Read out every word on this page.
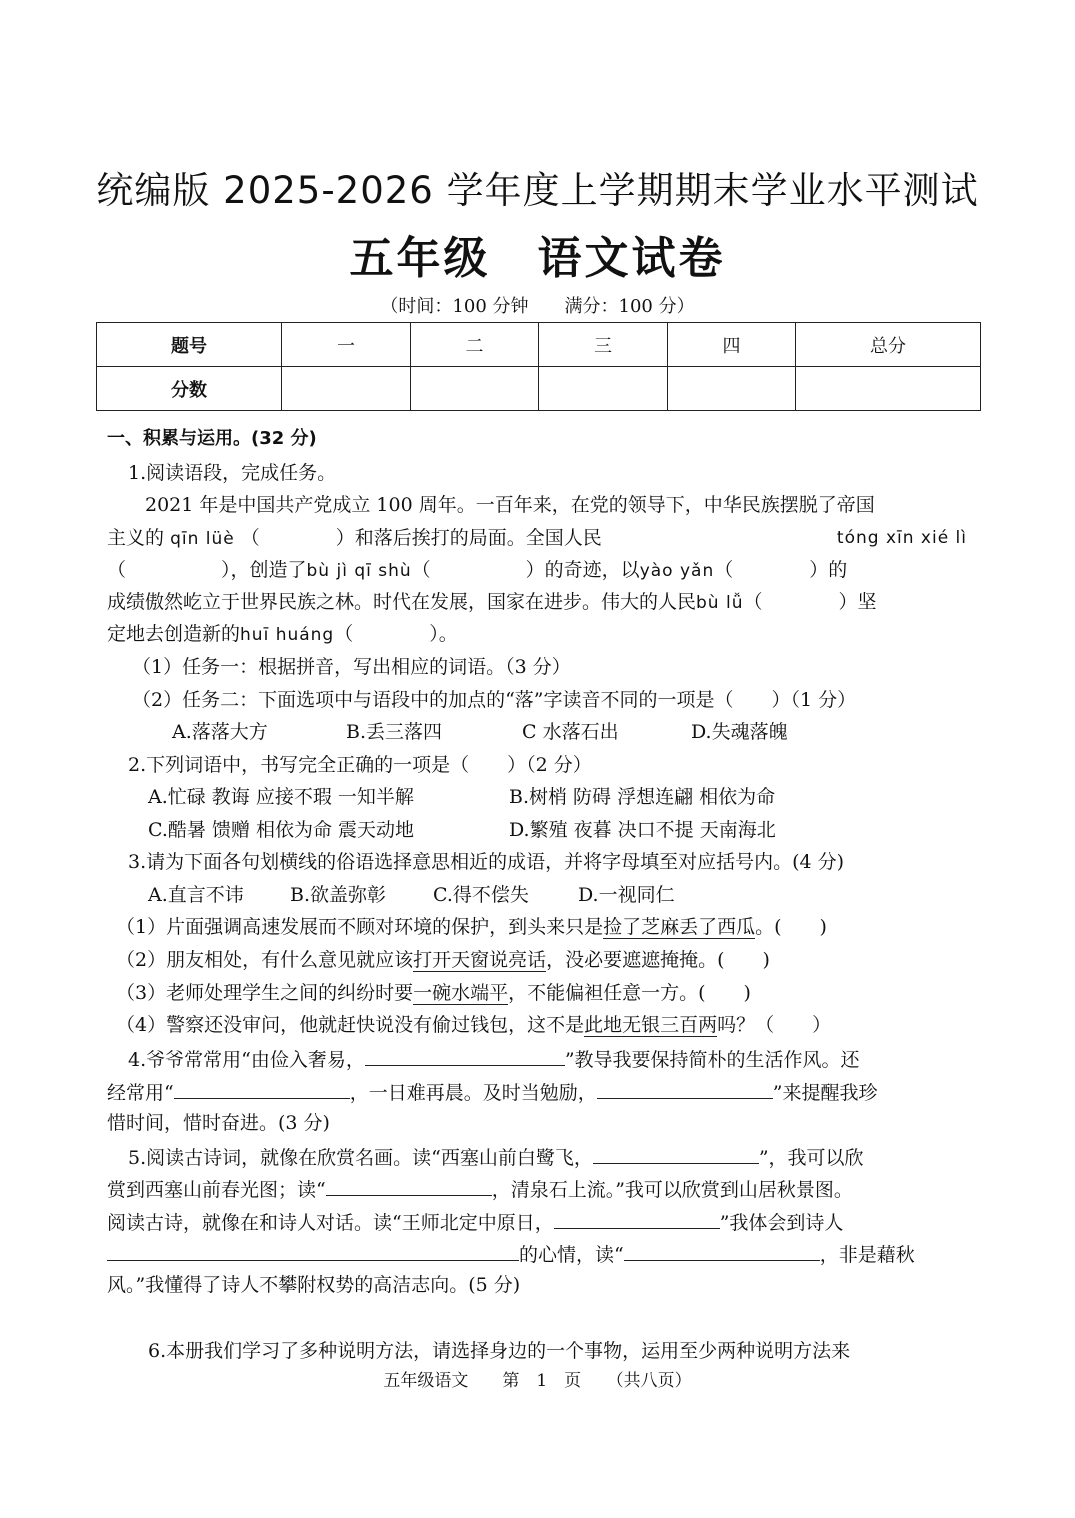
统编版 2025-2026 学年度上学期期末学业水平测试
五年级　语文试卷
（时间：100 分钟　　满分：100 分）
题号	一	二	三	四	总分
分数					
一、积累与运用。(32 分)
1.阅读语段，完成任务。
2021 年是中国共产党成立 100 周年。一百年来，在党的领导下，中华民族摆脱了帝国
主义的 qīn lüè （　　　　）和落后挨打的局面。全国人民	tóng xīn xié lì
（　　　　　），创造了bù jì qī shù（　　　　　）的奇迹，以yào yǎn（　　　　）的
成绩傲然屹立于世界民族之林。时代在发展，国家在进步。伟大的人民bù lǚ（　　　　）坚
定地去创造新的huī huáng（　　　　）。
（1）任务一：根据拼音，写出相应的词语。（3 分）
（2）任务二：下面选项中与语段中的加点的“落”字读音不同的一项是（　　）（1 分）
A.落落大方	B.丢三落四	C 水落石出	D.失魂落魄
2.下列词语中，书写完全正确的一项是（　　）（2 分）
A.忙碌 教诲 应接不瑕 一知半解	B.树梢 防碍 浮想连翩 相依为命
C.酷暑 馈赠 相依为命 震天动地	D.繁殖 夜暮 决口不提 天南海北
3.请为下面各句划横线的俗语选择意思相近的成语，并将字母填至对应括号内。(4 分)
A.直言不讳 B.欲盖弥彰 C.得不偿失	D.一视同仁
（1）片面强调高速发展而不顾对环境的保护，到头来只是捡了芝麻丢了西瓜。(　　)
（2）朋友相处，有什么意见就应该打开天窗说亮话，没必要遮遮掩掩。(　　)
（3）老师处理学生之间的纠纷时要一碗水端平，不能偏袒任意一方。(　　)
（4）警察还没审问，他就赶快说没有偷过钱包，这不是此地无银三百两吗？（　　）
4.爷爷常常用“由俭入奢易，	”教导我要保持简朴的生活作风。还
经常用“	，一日难再晨。及时当勉励，	”来提醒我珍
惜时间，惜时奋进。(3 分)
5.阅读古诗词，就像在欣赏名画。读“西塞山前白鹭飞，	”，我可以欣
赏到西塞山前春光图；读“	，清泉石上流。”我可以欣赏到山居秋景图。
阅读古诗，就像在和诗人对话。读“王师北定中原日，	”我体会到诗人
的心情，读“	，非是藉秋
风。”我懂得了诗人不攀附权势的高洁志向。(5 分)
6.本册我们学习了多种说明方法，请选择身边的一个事物，运用至少两种说明方法来
五年级语文　　第　1　页　　（共八页）
